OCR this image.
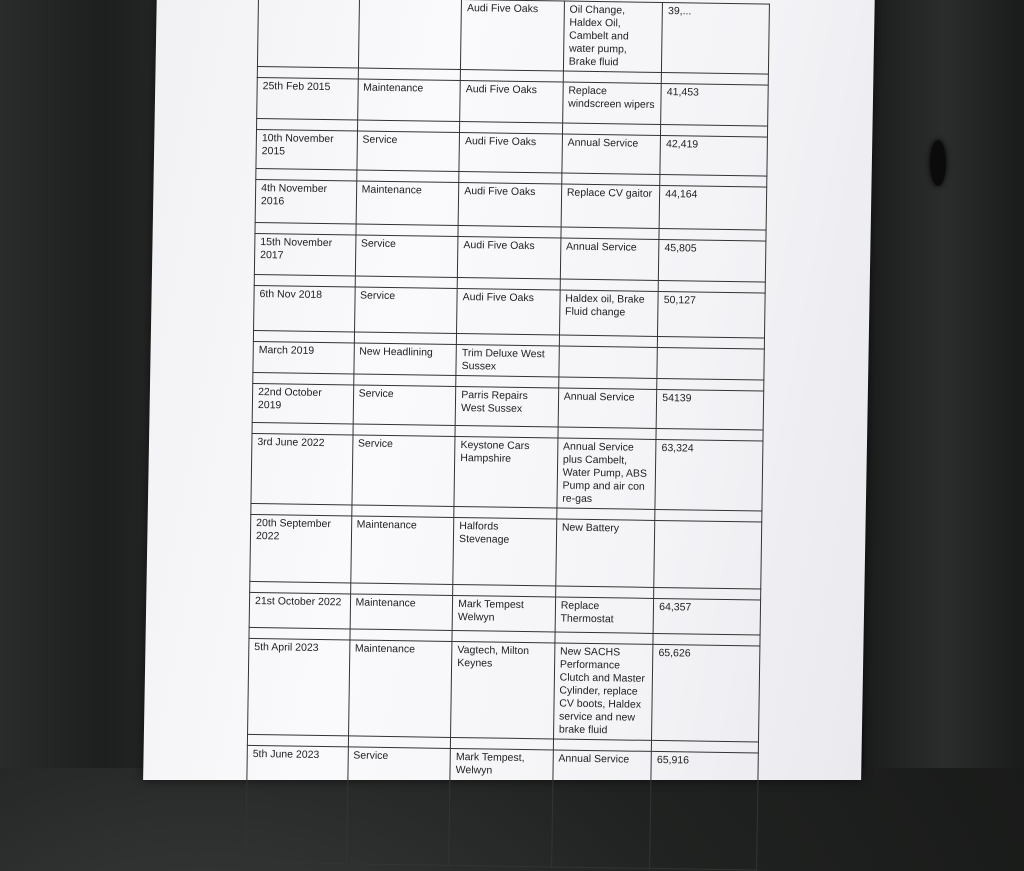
		Audi Five Oaks	Oil Change, Haldex Oil, Cambelt and water pump, Brake fluid	39,...

25th Feb 2015	Maintenance	Audi Five Oaks	Replace windscreen wipers	41,453

10th November 2015	Service	Audi Five Oaks	Annual Service	42,419

4th November 2016	Maintenance	Audi Five Oaks	Replace CV gaitor	44,164

15th November 2017	Service	Audi Five Oaks	Annual Service	45,805

6th Nov 2018	Service	Audi Five Oaks	Haldex oil, Brake Fluid change	50,127

March 2019	New Headlining	Trim Deluxe West Sussex		

22nd October 2019	Service	Parris Repairs West Sussex	Annual Service	54139

3rd June 2022	Service	Keystone Cars Hampshire	Annual Service plus Cambelt, Water Pump, ABS Pump and air con re-gas	63,324

20th September 2022	Maintenance	Halfords Stevenage	New Battery	

21st October 2022	Maintenance	Mark Tempest Welwyn	Replace Thermostat	64,357

5th April 2023	Maintenance	Vagtech, Milton Keynes	New SACHS Performance Clutch and Master Cylinder, replace CV boots, Haldex service and new brake fluid	65,626

5th June 2023	Service	Mark Tempest, Welwyn	Annual Service	65,916
